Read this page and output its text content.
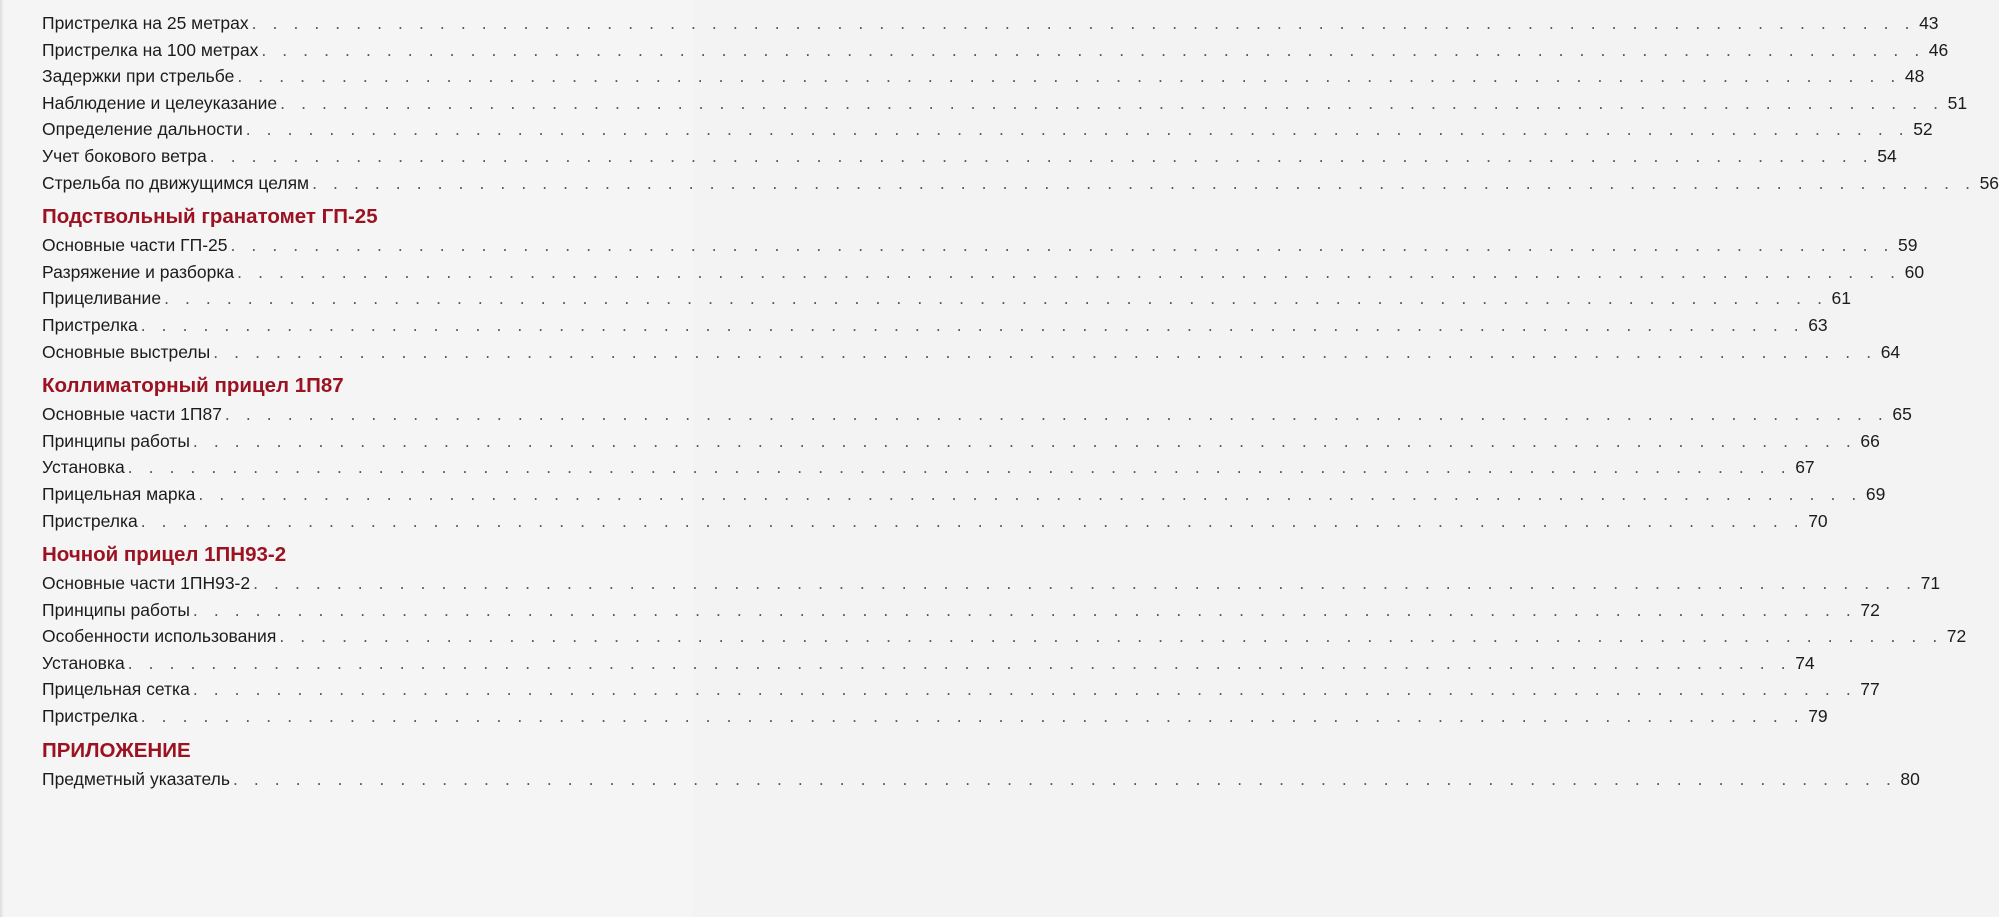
Пристрелка на 25 метрах . . . . . . . . . . . . . . . . . . . . . . . . . . . . . . . . . . . . . . . . . . . . . . . . . . . . . . . . . . . . . . . . . . . . . . . . . . . . . . . . 43
Пристрелка на 100 метрах . . . . . . . . . . . . . . . . . . . . . . . . . . . . . . . . . . . . . . . . . . . . . . . . . . . . . . . . . . . . . . . . . . . . . . . . . . . . . . . . 46
Задержки при стрельбе . . . . . . . . . . . . . . . . . . . . . . . . . . . . . . . . . . . . . . . . . . . . . . . . . . . . . . . . . . . . . . . . . . . . . . . . . . . . . . . . 48
Наблюдение и целеуказание . . . . . . . . . . . . . . . . . . . . . . . . . . . . . . . . . . . . . . . . . . . . . . . . . . . . . . . . . . . . . . . . . . . . . . . . . . . . . . . . 51
Определение дальности . . . . . . . . . . . . . . . . . . . . . . . . . . . . . . . . . . . . . . . . . . . . . . . . . . . . . . . . . . . . . . . . . . . . . . . . . . . . . . . . 52
Учет бокового ветра . . . . . . . . . . . . . . . . . . . . . . . . . . . . . . . . . . . . . . . . . . . . . . . . . . . . . . . . . . . . . . . . . . . . . . . . . . . . . . . . 54
Стрельба по движущимся целям . . . . . . . . . . . . . . . . . . . . . . . . . . . . . . . . . . . . . . . . . . . . . . . . . . . . . . . . . . . . . . . . . . . . . . . . . . . . . . . . 56
Подствольный гранатомет ГП-25
Основные части ГП-25 . . . . . . . . . . . . . . . . . . . . . . . . . . . . . . . . . . . . . . . . . . . . . . . . . . . . . . . . . . . . . . . . . . . . . . . . . . . . . . . . 59
Разряжение и разборка . . . . . . . . . . . . . . . . . . . . . . . . . . . . . . . . . . . . . . . . . . . . . . . . . . . . . . . . . . . . . . . . . . . . . . . . . . . . . . . . 60
Прицеливание . . . . . . . . . . . . . . . . . . . . . . . . . . . . . . . . . . . . . . . . . . . . . . . . . . . . . . . . . . . . . . . . . . . . . . . . . . . . . . . . 61
Пристрелка . . . . . . . . . . . . . . . . . . . . . . . . . . . . . . . . . . . . . . . . . . . . . . . . . . . . . . . . . . . . . . . . . . . . . . . . . . . . . . . . 63
Основные выстрелы . . . . . . . . . . . . . . . . . . . . . . . . . . . . . . . . . . . . . . . . . . . . . . . . . . . . . . . . . . . . . . . . . . . . . . . . . . . . . . . . 64
Коллиматорный прицел 1П87
Основные части 1П87 . . . . . . . . . . . . . . . . . . . . . . . . . . . . . . . . . . . . . . . . . . . . . . . . . . . . . . . . . . . . . . . . . . . . . . . . . . . . . . . . 65
Принципы работы . . . . . . . . . . . . . . . . . . . . . . . . . . . . . . . . . . . . . . . . . . . . . . . . . . . . . . . . . . . . . . . . . . . . . . . . . . . . . . . . 66
Установка . . . . . . . . . . . . . . . . . . . . . . . . . . . . . . . . . . . . . . . . . . . . . . . . . . . . . . . . . . . . . . . . . . . . . . . . . . . . . . . . 67
Прицельная марка . . . . . . . . . . . . . . . . . . . . . . . . . . . . . . . . . . . . . . . . . . . . . . . . . . . . . . . . . . . . . . . . . . . . . . . . . . . . . . . . 69
Пристрелка . . . . . . . . . . . . . . . . . . . . . . . . . . . . . . . . . . . . . . . . . . . . . . . . . . . . . . . . . . . . . . . . . . . . . . . . . . . . . . . . 70
Ночной прицел 1ПН93-2
Основные части 1ПН93-2 . . . . . . . . . . . . . . . . . . . . . . . . . . . . . . . . . . . . . . . . . . . . . . . . . . . . . . . . . . . . . . . . . . . . . . . . . . . . . . . . 71
Принципы работы . . . . . . . . . . . . . . . . . . . . . . . . . . . . . . . . . . . . . . . . . . . . . . . . . . . . . . . . . . . . . . . . . . . . . . . . . . . . . . . . 72
Особенности использования . . . . . . . . . . . . . . . . . . . . . . . . . . . . . . . . . . . . . . . . . . . . . . . . . . . . . . . . . . . . . . . . . . . . . . . . . . . . . . . . 72
Установка . . . . . . . . . . . . . . . . . . . . . . . . . . . . . . . . . . . . . . . . . . . . . . . . . . . . . . . . . . . . . . . . . . . . . . . . . . . . . . . . 74
Прицельная сетка . . . . . . . . . . . . . . . . . . . . . . . . . . . . . . . . . . . . . . . . . . . . . . . . . . . . . . . . . . . . . . . . . . . . . . . . . . . . . . . . 77
Пристрелка . . . . . . . . . . . . . . . . . . . . . . . . . . . . . . . . . . . . . . . . . . . . . . . . . . . . . . . . . . . . . . . . . . . . . . . . . . . . . . . . 79
ПРИЛОЖЕНИЕ
Предметный указатель . . . . . . . . . . . . . . . . . . . . . . . . . . . . . . . . . . . . . . . . . . . . . . . . . . . . . . . . . . . . . . . . . . . . . . . . . . . . . . . . 80
